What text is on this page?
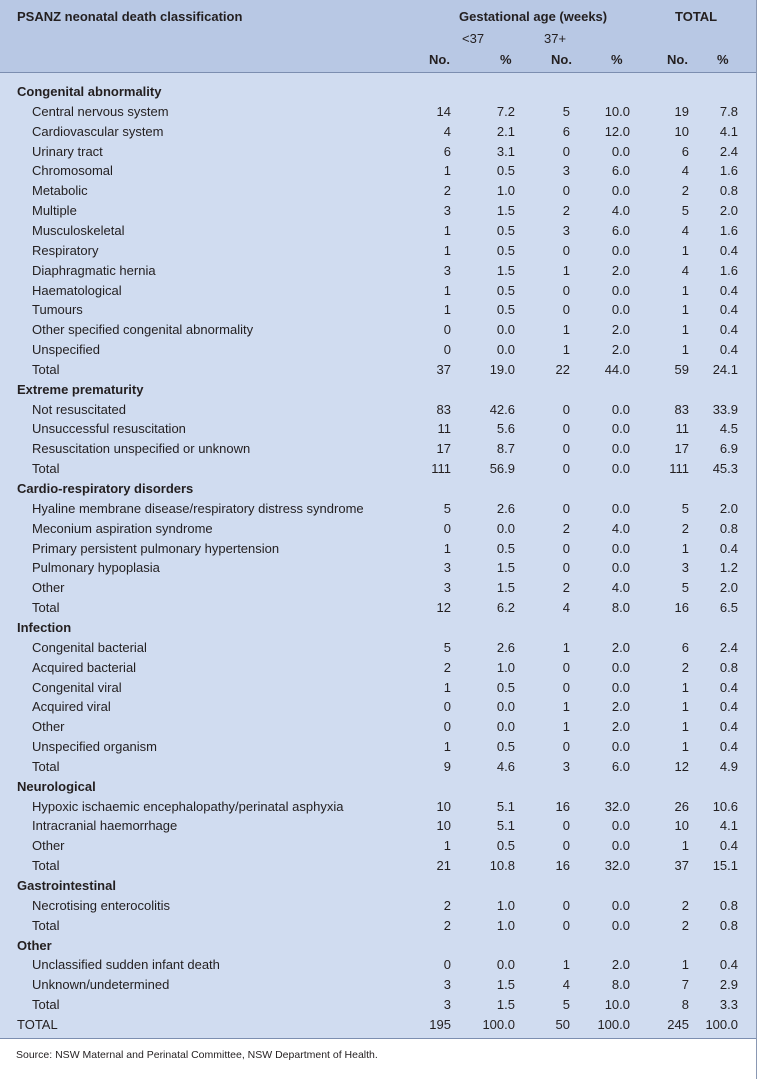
PSANZ neonatal death classification	Gestational age (weeks)	TOTAL
<37	37+
No.	%	No.	%	No. %
Congenital abnormality
Central nervous system	14	7.2	5	10.0	19	7.8
Cardiovascular system	4	2.1	6	12.0	10	4.1
Urinary tract	6	3.1	0	0.0	6	2.4
Chromosomal	1	0.5	3	6.0	4	1.6
Metabolic	2	1.0	0	0.0	2	0.8
Multiple	3	1.5	2	4.0	5	2.0
Musculoskeletal	1	0.5	3	6.0	4	1.6
Respiratory	1	0.5	0	0.0	1	0.4
Diaphragmatic hernia	3	1.5	1	2.0	4	1.6
Haematological	1	0.5	0	0.0	1	0.4
Tumours	1	0.5	0	0.0	1	0.4
Other specified congenital abnormality	0	0.0	1	2.0	1	0.4
Unspecified	0	0.0	1	2.0	1	0.4
Total	37	19.0	22	44.0	59	24.1
Extreme prematurity
Not resuscitated	83	42.6	0	0.0	83	33.9
Unsuccessful resuscitation	11	5.6	0	0.0	11	4.5
Resuscitation unspecified or unknown	17	8.7	0	0.0	17	6.9
Total	111	56.9	0	0.0	111	45.3
Cardio-respiratory disorders
Hyaline membrane disease/respiratory distress syndrome	5	2.6	0	0.0	5	2.0
Meconium aspiration syndrome	0	0.0	2	4.0	2	0.8
Primary persistent pulmonary hypertension	1	0.5	0	0.0	1	0.4
Pulmonary hypoplasia	3	1.5	0	0.0	3	1.2
Other	3	1.5	2	4.0	5	2.0
Total	12	6.2	4	8.0	16	6.5
Infection
Congenital bacterial	5	2.6	1	2.0	6	2.4
Acquired bacterial	2	1.0	0	0.0	2	0.8
Congenital viral	1	0.5	0	0.0	1	0.4
Acquired viral	0	0.0	1	2.0	1	0.4
Other	0	0.0	1	2.0	1	0.4
Unspecified organism	1	0.5	0	0.0	1	0.4
Total	9	4.6	3	6.0	12	4.9
Neurological
Hypoxic ischaemic encephalopathy/perinatal asphyxia	10	5.1	16	32.0	26	10.6
Intracranial haemorrhage	10	5.1	0	0.0	10	4.1
Other	1	0.5	0	0.0	1	0.4
Total	21	10.8	16	32.0	37	15.1
Gastrointestinal
Necrotising enterocolitis	2	1.0	0	0.0	2	0.8
Total	2	1.0	0	0.0	2	0.8
Other
Unclassified sudden infant death	0	0.0	1	2.0	1	0.4
Unknown/undetermined	3	1.5	4	8.0	7	2.9
Total	3	1.5	5	10.0	8	3.3
TOTAL	195	100.0	50	100.0	245	100.0
Source: NSW Maternal and Perinatal Committee, NSW Department of Health.
